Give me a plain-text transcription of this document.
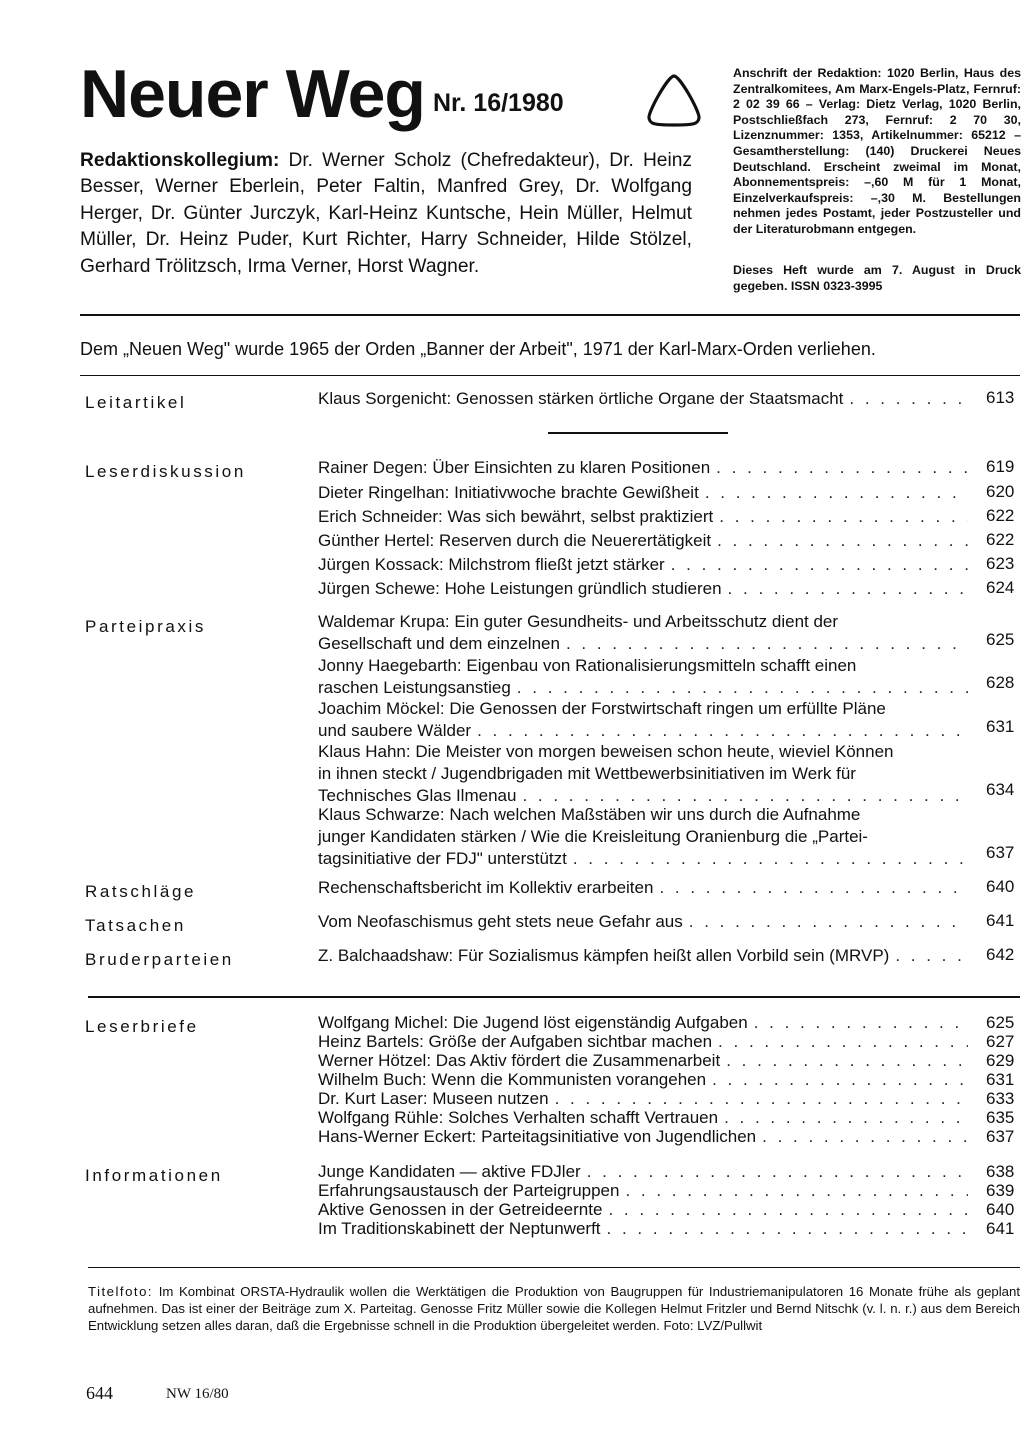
Neuer Weg Nr. 16/1980
Anschrift der Redaktion: 1020 Berlin, Haus des Zentralkomitees, Am Marx-Engels-Platz, Fernruf: 2 02 39 66 – Verlag: Dietz Verlag, 1020 Berlin, Postschließfach 273, Fernruf: 2 70 30, Lizenznummer: 1353, Artikelnummer: 65212 – Gesamtherstellung: (140) Druckerei Neues Deutschland. Erscheint zweimal im Monat, Abonnementspreis: –,60 M für 1 Monat, Einzelverkaufspreis: –,30 M. Bestellungen nehmen jedes Postamt, jeder Postzusteller und der Literaturobmann entgegen.
Dieses Heft wurde am 7. August in Druck gegeben. ISSN 0323-3995
Redaktionskollegium: Dr. Werner Scholz (Chefredakteur), Dr. Heinz Besser, Werner Eberlein, Peter Faltin, Manfred Grey, Dr. Wolfgang Herger, Dr. Günter Jurczyk, Karl-Heinz Kuntsche, Hein Müller, Helmut Müller, Dr. Heinz Puder, Kurt Richter, Harry Schneider, Hilde Stölzel, Gerhard Trölitzsch, Irma Verner, Horst Wagner.
Dem „Neuen Weg" wurde 1965 der Orden „Banner der Arbeit", 1971 der Karl-Marx-Orden verliehen.
Leitartikel	Klaus Sorgenicht: Genossen stärken örtliche Organe der Staatsmacht . . .	613
Leserdiskussion	Rainer Degen: Über Einsichten zu klaren Positionen . . .	619
Dieter Ringelhan: Initiativwoche brachte Gewißheit . . .	620
Erich Schneider: Was sich bewährt, selbst praktiziert . . .	622
Günther Hertel: Reserven durch die Neuerertätigkeit . . .	622
Jürgen Kossack: Milchstrom fließt jetzt stärker . . .	623
Jürgen Schewe: Hohe Leistungen gründlich studieren . . .	624
Parteipraxis	Waldemar Krupa: Ein guter Gesundheits- und Arbeitsschutz dient der
Gesellschaft und dem einzelnen . . .	625
Jonny Haegebarth: Eigenbau von Rationalisierungsmitteln schafft einen
raschen Leistungsanstieg . . .	628
Joachim Möckel: Die Genossen der Forstwirtschaft ringen um erfüllte Pläne
und saubere Wälder . . .	631
Klaus Hahn: Die Meister von morgen beweisen schon heute, wieviel Können
in ihnen steckt / Jugendbrigaden mit Wettbewerbsinitiativen im Werk für
Technisches Glas Ilmenau . . .	634
Klaus Schwarze: Nach welchen Maßstäben wir uns durch die Aufnahme
junger Kandidaten stärken / Wie die Kreisleitung Oranienburg die „Partei-
tagsinitiative der FDJ" unterstützt . . .	637
Ratschläge	Rechenschaftsbericht im Kollektiv erarbeiten . . .	640
Tatsachen	Vom Neofaschismus geht stets neue Gefahr aus . . .	641
Bruderparteien	Z. Balchaadshaw: Für Sozialismus kämpfen heißt allen Vorbild sein (MRVP) . . .	642
Leserbriefe	Wolfgang Michel: Die Jugend löst eigenständig Aufgaben . . .	625
Heinz Bartels: Größe der Aufgaben sichtbar machen . . .	627
Werner Hötzel: Das Aktiv fördert die Zusammenarbeit . . .	629
Wilhelm Buch: Wenn die Kommunisten vorangehen . . .	631
Dr. Kurt Laser: Museen nutzen . . .	633
Wolfgang Rühle: Solches Verhalten schafft Vertrauen . . .	635
Hans-Werner Eckert: Parteitagsinitiative von Jugendlichen . . .	637
Informationen	Junge Kandidaten — aktive FDJler . . .	638
Erfahrungsaustausch der Parteigruppen . . .	639
Aktive Genossen in der Getreideernte . . .	640
Im Traditionskabinett der Neptunwerft . . .	641
Titelfoto: Im Kombinat ORSTA-Hydraulik wollen die Werktätigen die Produktion von Baugruppen für Industriemanipulatoren 16 Monate frühe als geplant aufnehmen. Das ist einer der Beiträge zum X. Parteitag. Genosse Fritz Müller sowie die Kollegen Helmut Fritzler und Bernd Nitschk (v. l. n. r.) aus dem Bereich Entwicklung setzen alles daran, daß die Ergebnisse schnell in die Produktion übergeleitet werden. Foto: LVZ/Pullwit
644	NW 16/80
